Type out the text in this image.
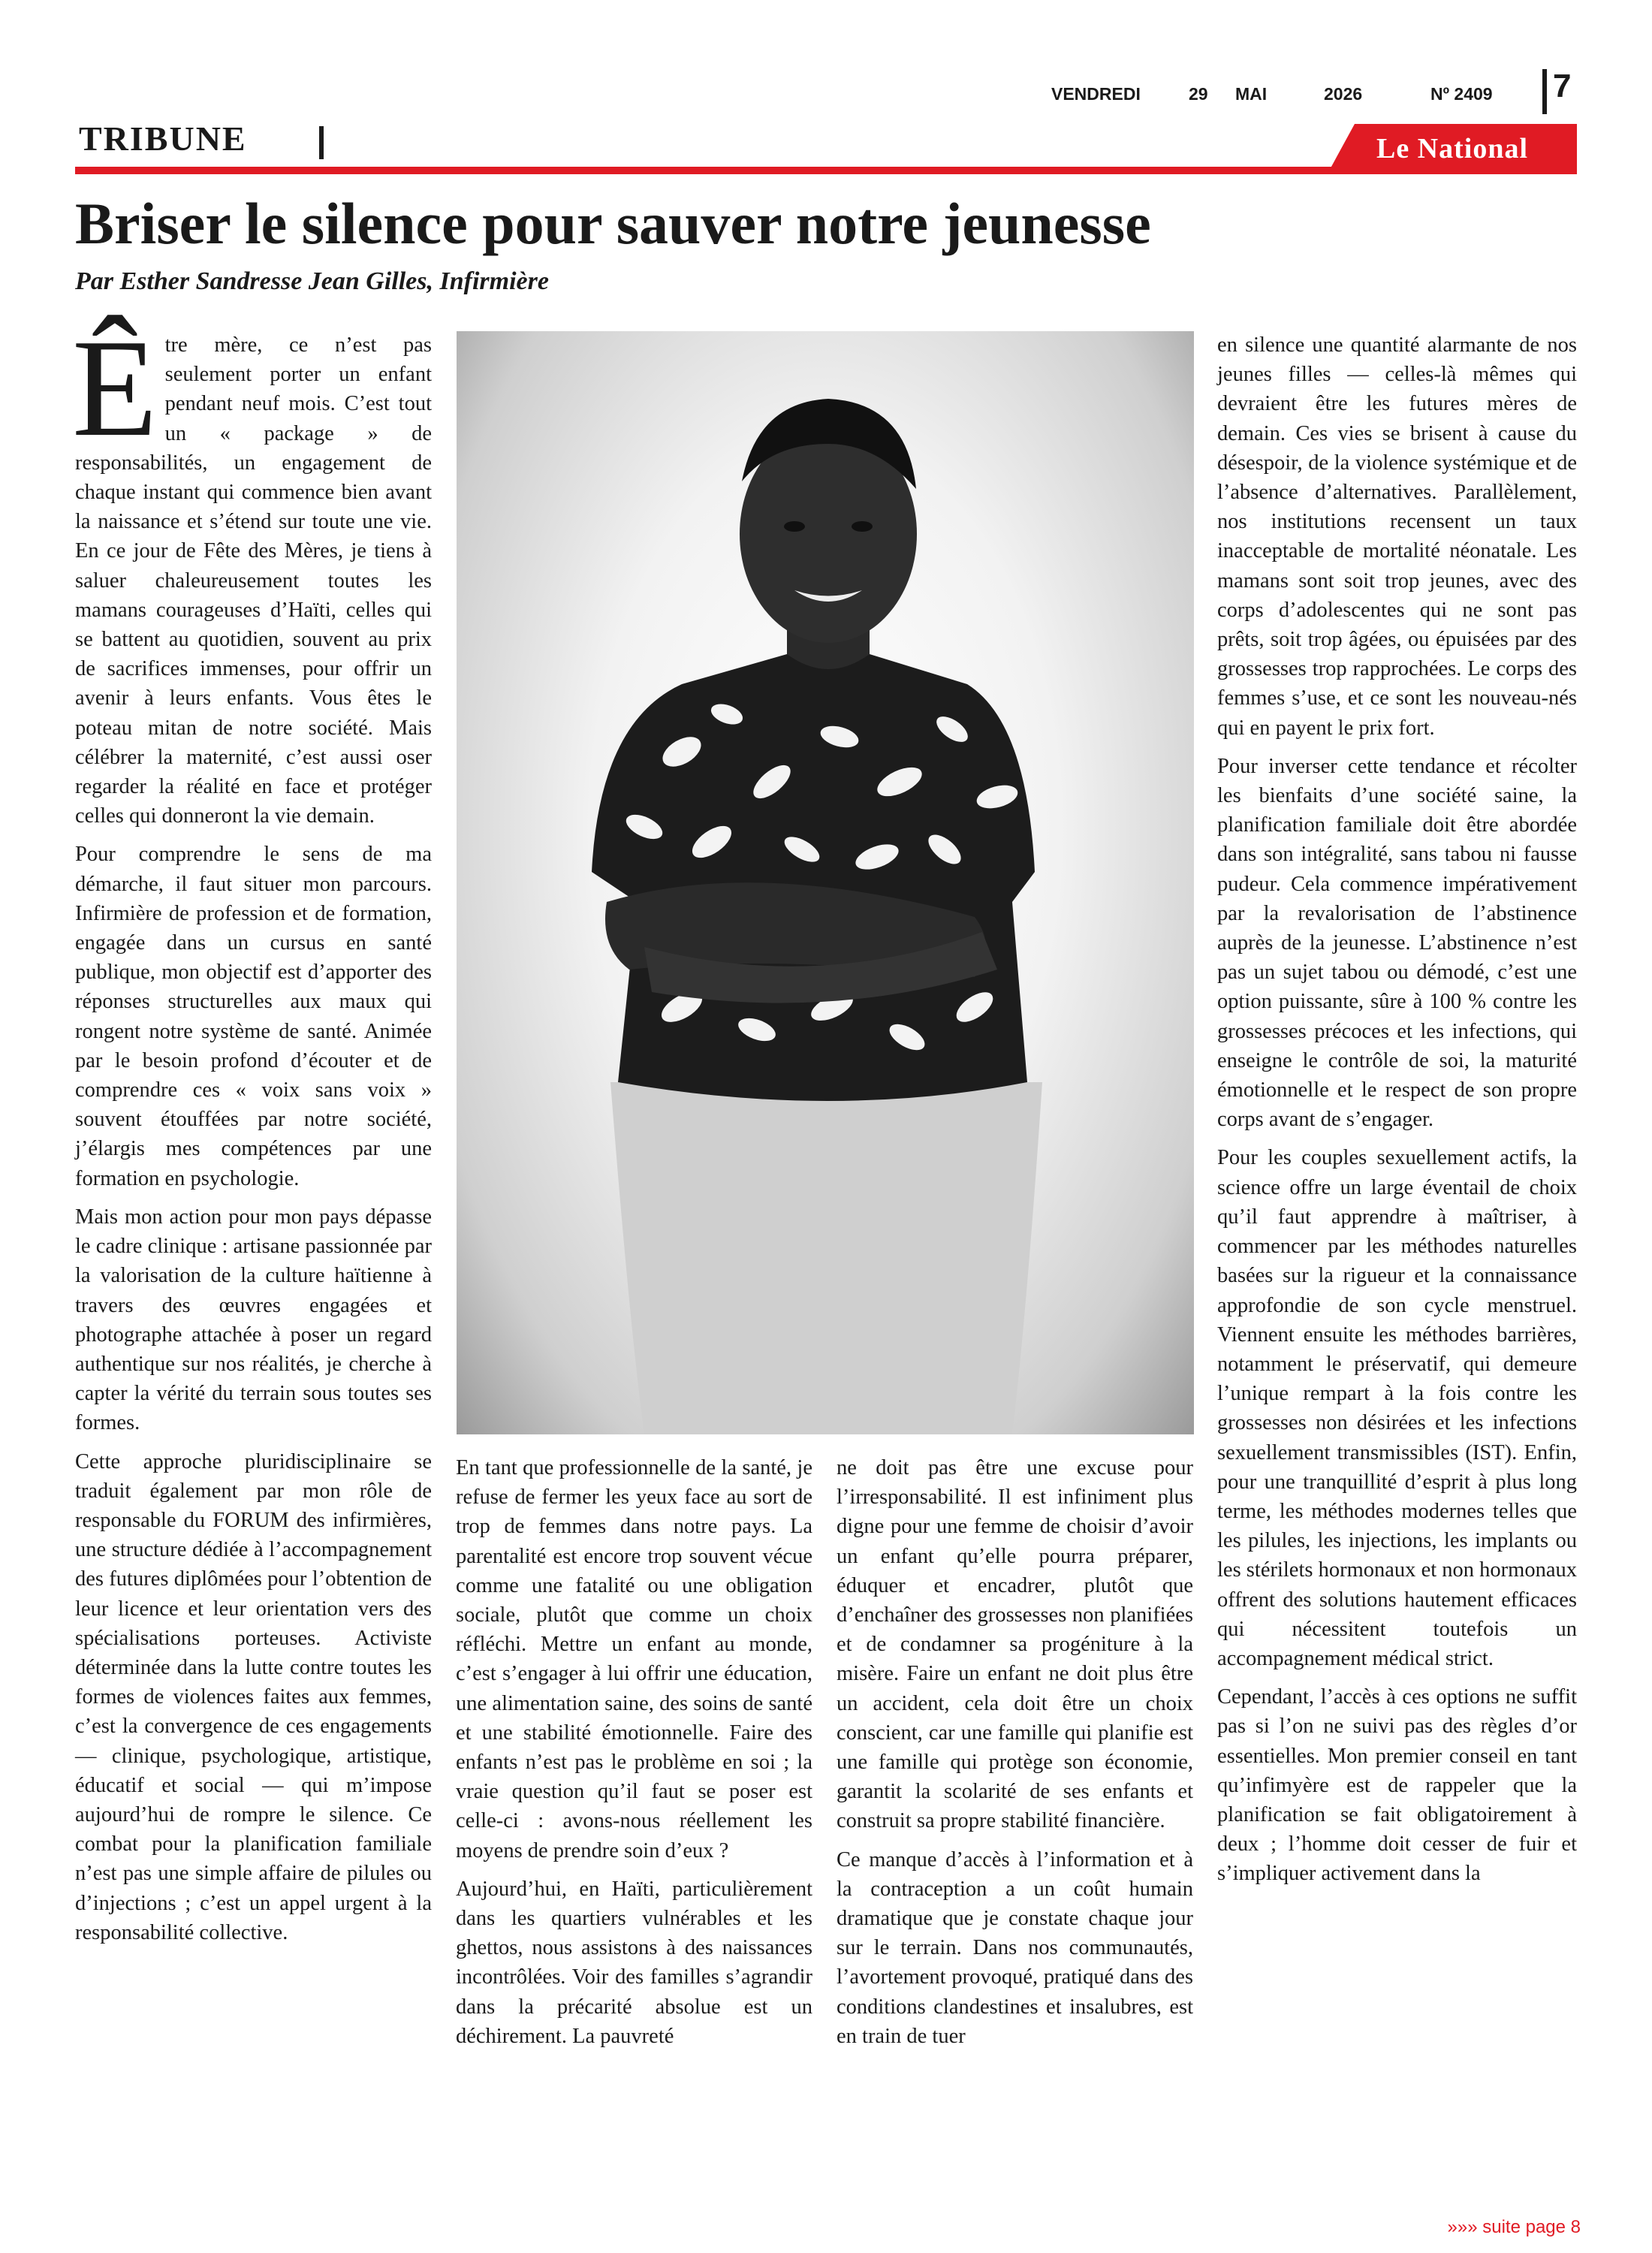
VENDREDI	29 MAI	2026	Nº 2409 7
TRIBUNE	Le National
Briser le silence pour sauver notre jeunesse

Par Esther Sandresse Jean Gilles, Infirmière

Être mère, ce n’est pas seulement porter un enfant pendant neuf mois. C’est tout un « package » de responsabilités, un engagement de chaque instant qui commence bien avant la naissance et s’étend sur toute une vie. En ce jour de Fête des Mères, je tiens à saluer chaleureusement toutes les mamans courageuses d’Haïti, celles qui se battent au quotidien, souvent au prix de sacrifices immenses, pour offrir un avenir à leurs enfants. Vous êtes le poteau mitan de notre société. Mais célébrer la maternité, c’est aussi oser regarder la réalité en face et protéger celles qui donneront la vie demain.

Pour comprendre le sens de ma démarche, il faut situer mon parcours. Infirmière de profession et de formation, engagée dans un cursus en santé publique, mon objectif est d’apporter des réponses structurelles aux maux qui rongent notre système de santé. Animée par le besoin profond d’écouter et de comprendre ces « voix sans voix » souvent étouffées par notre société, j’élargis mes compétences par une formation en psychologie.

Mais mon action pour mon pays dépasse le cadre clinique : artisane passionnée par la valorisation de la culture haïtienne à travers des œuvres engagées et photographe attachée à poser un regard authentique sur nos réalités, je cherche à capter la vérité du terrain sous toutes ses formes.

Cette approche pluridisciplinaire se traduit également par mon rôle de responsable du FORUM des infirmières, une structure dédiée à l’accompagnement des futures diplômées pour l’obtention de leur licence et leur orientation vers des spécialisations porteuses. Activiste déterminée dans la lutte contre toutes les formes de violences faites aux femmes, c’est la convergence de ces engagements — clinique, psychologique, artistique, éducatif et social — qui m’impose aujourd’hui de rompre le silence. Ce combat pour la planification familiale n’est pas une simple affaire de pilules ou d’injections ; c’est un appel urgent à la responsabilité collective.

En tant que professionnelle de la santé, je refuse de fermer les yeux face au sort de trop de femmes dans notre pays. La parentalité est encore trop souvent vécue comme une fatalité ou une obligation sociale, plutôt que comme un choix réfléchi. Mettre un enfant au monde, c’est s’engager à lui offrir une éducation, une alimentation saine, des soins de santé et une stabilité émotionnelle. Faire des enfants n’est pas le problème en soi ; la vraie question qu’il faut se poser est celle-ci : avons-nous réellement les moyens de prendre soin d’eux ?

Aujourd’hui, en Haïti, particulièrement dans les quartiers vulnérables et les ghettos, nous assistons à des naissances incontrôlées. Voir des familles s’agrandir dans la précarité absolue est un déchirement. La pauvreté

ne doit pas être une excuse pour l’irresponsabilité. Il est infiniment plus digne pour une femme de choisir d’avoir un enfant qu’elle pourra préparer, éduquer et encadrer, plutôt que d’enchaîner des grossesses non planifiées et de condamner sa progéniture à la misère. Faire un enfant ne doit plus être un accident, cela doit être un choix conscient, car une famille qui planifie est une famille qui protège son économie, garantit la scolarité de ses enfants et construit sa propre stabilité financière.

Ce manque d’accès à l’information et à la contraception a un coût humain dramatique que je constate chaque jour sur le terrain. Dans nos communautés, l’avortement provoqué, pratiqué dans des conditions clandestines et insalubres, est en train de tuer

en silence une quantité alarmante de nos jeunes filles — celles-là mêmes qui devraient être les futures mères de demain. Ces vies se brisent à cause du désespoir, de la violence systémique et de l’absence d’alternatives. Parallèlement, nos institutions recensent un taux inacceptable de mortalité néonatale. Les mamans sont soit trop jeunes, avec des corps d’adolescentes qui ne sont pas prêts, soit trop âgées, ou épuisées par des grossesses trop rapprochées. Le corps des femmes s’use, et ce sont les nouveau-nés qui en payent le prix fort.

Pour inverser cette tendance et récolter les bienfaits d’une société saine, la planification familiale doit être abordée dans son intégralité, sans tabou ni fausse pudeur. Cela commence impérativement par la revalorisation de l’abstinence auprès de la jeunesse. L’abstinence n’est pas un sujet tabou ou démodé, c’est une option puissante, sûre à 100 % contre les grossesses précoces et les infections, qui enseigne le contrôle de soi, la maturité émotionnelle et le respect de son propre corps avant de s’engager.

Pour les couples sexuellement actifs, la science offre un large éventail de choix qu’il faut apprendre à maîtriser, à commencer par les méthodes naturelles basées sur la rigueur et la connaissance approfondie de son cycle menstruel. Viennent ensuite les méthodes barrières, notamment le préservatif, qui demeure l’unique rempart à la fois contre les grossesses non désirées et les infections sexuellement transmissibles (IST). Enfin, pour une tranquillité d’esprit à plus long terme, les méthodes modernes telles que les pilules, les injections, les implants ou les stérilets hormonaux et non hormonaux offrent des solutions hautement efficaces qui nécessitent toutefois un accompagnement médical strict.

Cependant, l’accès à ces options ne suffit pas si l’on ne suivi pas des règles d’or essentielles. Mon premier conseil en tant qu’infimyère est de rappeler que la planification se fait obligatoirement à deux ; l’homme doit cesser de fuir et s’impliquer activement dans la

»»» suite page 8
